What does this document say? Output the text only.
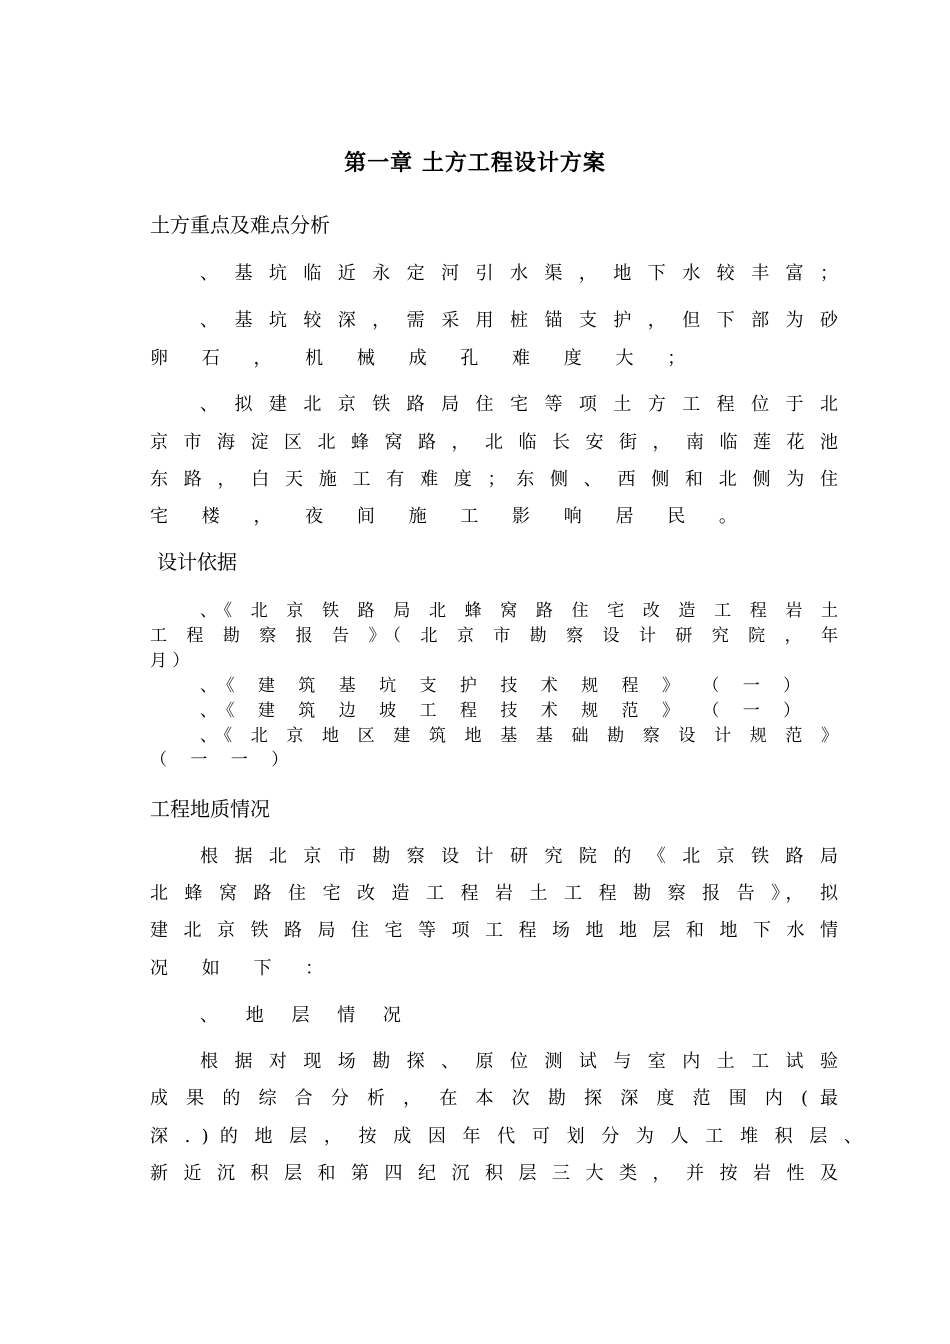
第一章 土方工程设计方案
土方重点及难点分析
、 基 坑 临 近 永 定 河 引 水 渠 ， 地 下 水 较 丰 富 ；
、 基 坑 较 深 ， 需 采 用 桩 锚 支 护 ， 但 下 部 为 砂
卵 石 ， 机 械 成 孔 难 度 大 ；
、 拟 建 北 京 铁 路 局 住 宅 等 项 土 方 工 程 位 于 北
京 市 海 淀 区 北 蜂 窝 路 ， 北 临 长 安 街 ， 南 临 莲 花 池
东 路 ， 白 天 施 工 有 难 度 ； 东 侧 、 西 侧 和 北 侧 为 住
宅 楼 ， 夜 间 施 工 影 响 居 民 。
设计依据
、《 北 京 铁 路 局 北 蜂 窝 路 住 宅 改 造 工 程 岩 土
工 程 勘 察 报 告 》（ 北 京 市 勘 察 设 计 研 究 院 ， 年
月 ）
、《 建 筑 基 坑 支 护 技 术 规 程 》 （ 一 ）
、《 建 筑 边 坡 工 程 技 术 规 范 》 （ 一 ）
、《 北 京 地 区 建 筑 地 基 基 础 勘 察 设 计 规 范 》
（ 一 一 ）
工程地质情况
根 据 北 京 市 勘 察 设 计 研 究 院 的 《 北 京 铁 路 局
北 蜂 窝 路 住 宅 改 造 工 程 岩 土 工 程 勘 察 报 告 》， 拟
建 北 京 铁 路 局 住 宅 等 项 工 程 场 地 地 层 和 地 下 水 情
况 如 下 ：
、 地 层 情 况
根 据 对 现 场 勘 探 、 原 位 测 试 与 室 内 土 工 试 验
成 果 的 综 合 分 析 ， 在 本 次 勘 探 深 度 范 围 内 ( 最
深 . ) 的 地 层 ， 按 成 因 年 代 可 划 分 为 人 工 堆 积 层 、
新 近 沉 积 层 和 第 四 纪 沉 积 层 三 大 类 ， 并 按 岩 性 及
